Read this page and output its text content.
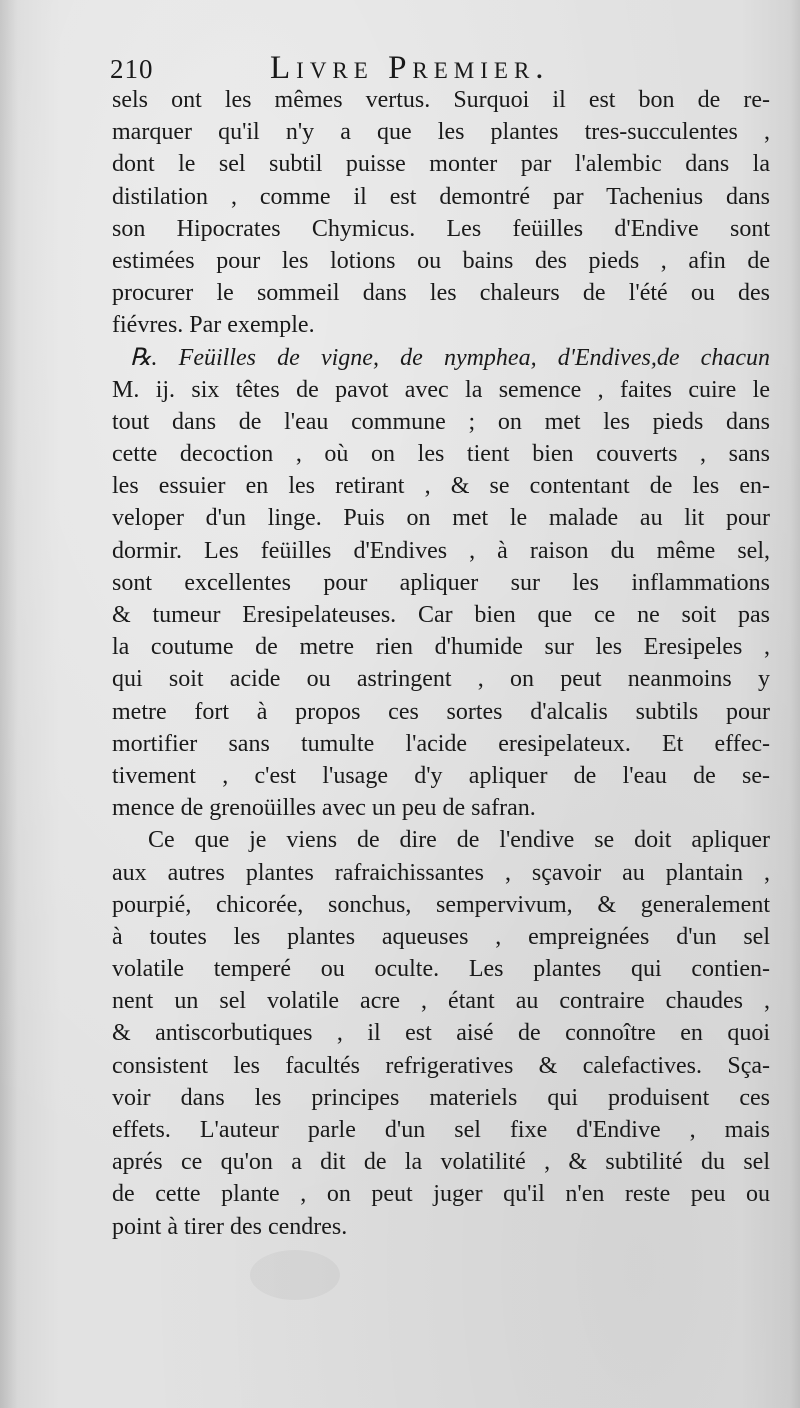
210	Livre Premier.
sels ont les mêmes vertus. Surquoi il est bon de re-
marquer qu'il n'y a que les plantes tres-succulentes ,
dont le sel subtil puisse monter par l'alembic dans la
distilation , comme il est demontré par Tachenius dans
son Hipocrates Chymicus. Les feüilles d'Endive sont
estimées pour les lotions ou bains des pieds , afin de
procurer le sommeil dans les chaleurs de l'été ou des
fiévres. Par exemple.
℞. Feüilles de vigne, de nymphea, d'Endives,de chacun
M. ij. six têtes de pavot avec la semence , faites cuire le
tout dans de l'eau commune ; on met les pieds dans
cette decoction , où on les tient bien couverts , sans
les essuier en les retirant , & se contentant de les en-
veloper d'un linge. Puis on met le malade au lit pour
dormir. Les feüilles d'Endives , à raison du même sel,
sont excellentes pour apliquer sur les inflammations
& tumeur Eresipelateuses. Car bien que ce ne soit pas
la coutume de metre rien d'humide sur les Eresipeles ,
qui soit acide ou astringent , on peut neanmoins y
metre fort à propos ces sortes d'alcalis subtils pour
mortifier sans tumulte l'acide eresipelateux. Et effec-
tivement , c'est l'usage d'y apliquer de l'eau de se-
mence de grenoüilles avec un peu de safran.
Ce que je viens de dire de l'endive se doit apliquer
aux autres plantes rafraichissantes , sçavoir au plantain ,
pourpié, chicorée, sonchus, sempervivum, & generalement
à toutes les plantes aqueuses , empreignées d'un sel
volatile temperé ou oculte. Les plantes qui contien-
nent un sel volatile acre , étant au contraire chaudes ,
& antiscorbutiques , il est aisé de connoître en quoi
consistent les facultés refrigeratives & calefactives. Sça-
voir dans les principes materiels qui produisent ces
effets. L'auteur parle d'un sel fixe d'Endive , mais
aprés ce qu'on a dit de la volatilité , & subtilité du sel
de cette plante , on peut juger qu'il n'en reste peu ou
point à tirer des cendres.
